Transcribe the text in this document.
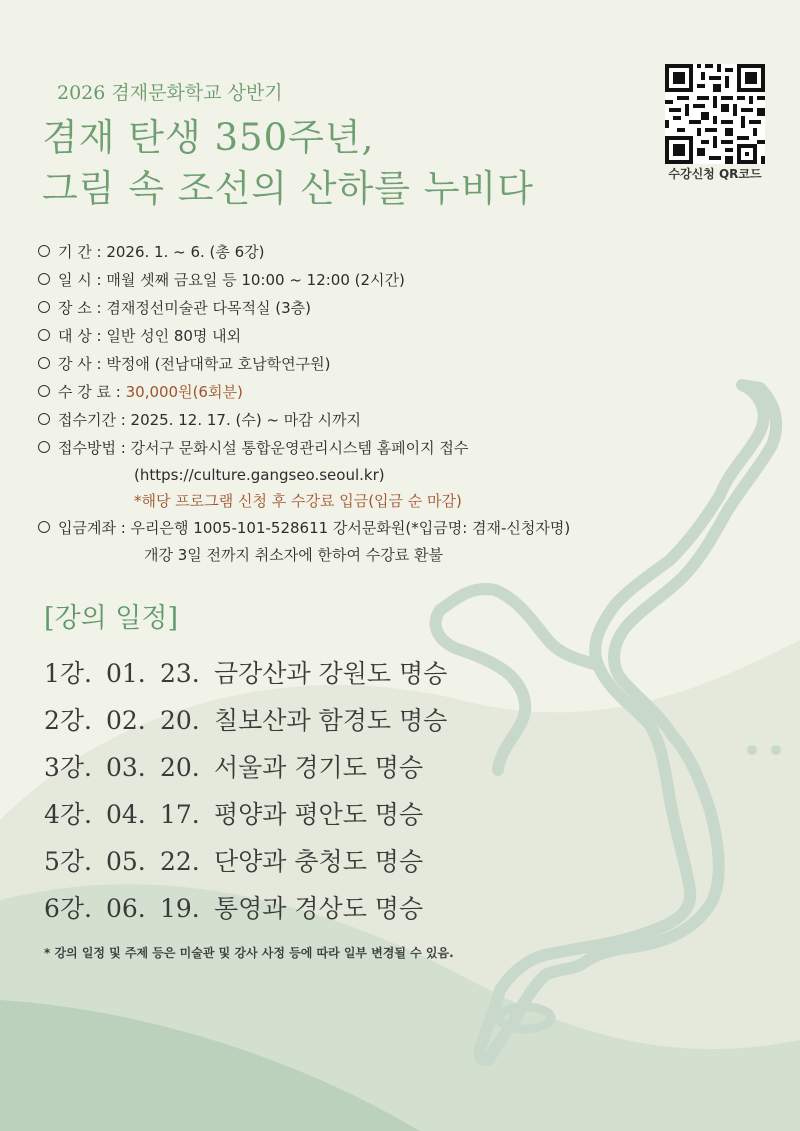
2026 겸재문화학교 상반기
겸재 탄생 350주년,
그림 속 조선의 산하를 누비다	수강신청 QR코드
기 간 : 2026. 1. ~ 6. (총 6강)
일 시 : 매월 셋째 금요일 등 10:00 ~ 12:00 (2시간)
장 소 : 겸재정선미술관 다목적실 (3층)
대 상 : 일반 성인 80명 내외
강 사 : 박정애 (전남대학교 호남학연구원)
수 강 료 : 30,000원(6회분)
접수기간 : 2025. 12. 17. (수) ~ 마감 시까지
접수방법 : 강서구 문화시설 통합운영관리시스템 홈페이지 접수
(https://culture.gangseo.seoul.kr)
*해당 프로그램 신청 후 수강료 입금(입금 순 마감)
입금계좌 : 우리은행 1005-101-528611 강서문화원(*입금명: 겸재-신청자명)
개강 3일 전까지 취소자에 한하여 수강료 환불
[강의 일정]
1강. 01. 23. 금강산과 강원도 명승
2강. 02. 20. 칠보산과 함경도 명승
3강. 03. 20. 서울과 경기도 명승
4강. 04. 17. 평양과 평안도 명승
5강. 05. 22. 단양과 충청도 명승
6강. 06. 19. 통영과 경상도 명승
* 강의 일정 및 주제 등은 미술관 및 강사 사정 등에 따라 일부 변경될 수 있음.
